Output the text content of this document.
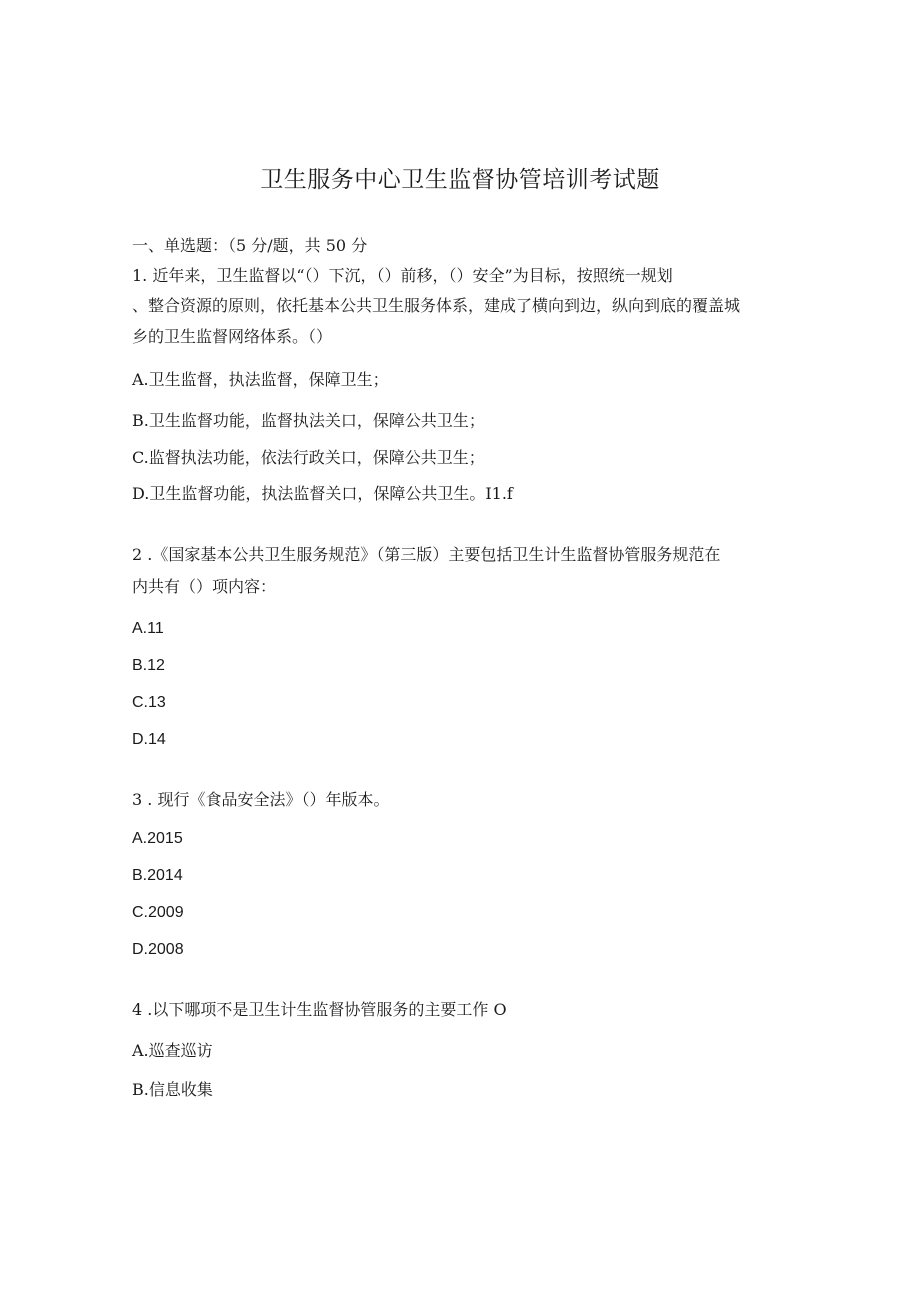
卫生服务中心卫生监督协管培训考试题
一、单选题：（5 分/题，共 50 分
1. 近年来，卫生监督以“（）下沉，（）前移，（）安全”为目标，按照统一规划
、整合资源的原则，依托基本公共卫生服务体系，建成了横向到边，纵向到底的覆盖城
乡的卫生监督网络体系。（）
A.卫生监督，执法监督，保障卫生；
B.卫生监督功能，监督执法关口，保障公共卫生；
C.监督执法功能，依法行政关口，保障公共卫生；
D.卫生监督功能，执法监督关口，保障公共卫生。I1.f
2 .《国家基本公共卫生服务规范》（第三版）主要包括卫生计生监督协管服务规范在
内共有（）项内容：
A.11
B.12
C.13
D.14
3 . 现行《食品安全法》（）年版本。
A.2015
B.2014
C.2009
D.2008
4 .以下哪项不是卫生计生监督协管服务的主要工作 O
A.巡查巡访
B.信息收集
